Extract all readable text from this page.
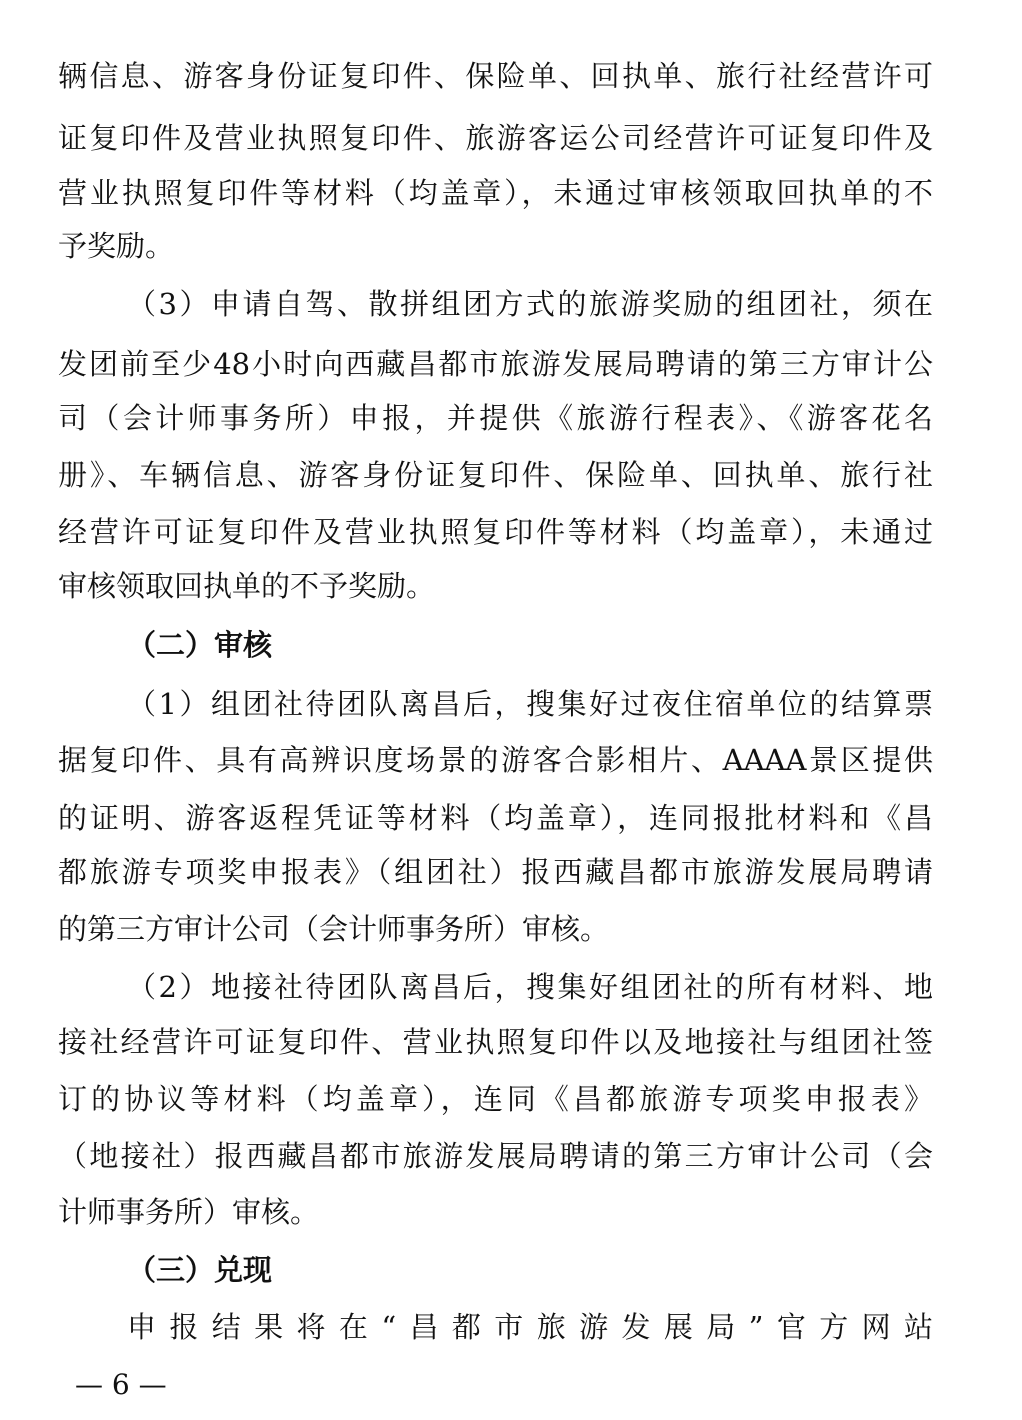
辆信息、游客身份证复印件、保险单、回执单、旅行社经营许可
证复印件及营业执照复印件、旅游客运公司经营许可证复印件及
营业执照复印件等材料（均盖章），未通过审核领取回执单的不
予奖励。
（3）申请自驾、散拼组团方式的旅游奖励的组团社，须在
发团前至少48小时向西藏昌都市旅游发展局聘请的第三方审计公
司（会计师事务所）申报，并提供《旅游行程表》、《游客花名
册》、车辆信息、游客身份证复印件、保险单、回执单、旅行社
经营许可证复印件及营业执照复印件等材料（均盖章），未通过
审核领取回执单的不予奖励。
（二）审核
（1）组团社待团队离昌后，搜集好过夜住宿单位的结算票
据复印件、具有高辨识度场景的游客合影相片、AAAA景区提供
的证明、游客返程凭证等材料（均盖章），连同报批材料和《昌
都旅游专项奖申报表》（组团社）报西藏昌都市旅游发展局聘请
的第三方审计公司（会计师事务所）审核。
（2）地接社待团队离昌后，搜集好组团社的所有材料、地
接社经营许可证复印件、营业执照复印件以及地接社与组团社签
订的协议等材料（均盖章），连同《昌都旅游专项奖申报表》
（地接社）报西藏昌都市旅游发展局聘请的第三方审计公司（会
计师事务所）审核。
（三）兑现
申报结果将在“昌都市旅游发展局”官方网站
— 6 —
